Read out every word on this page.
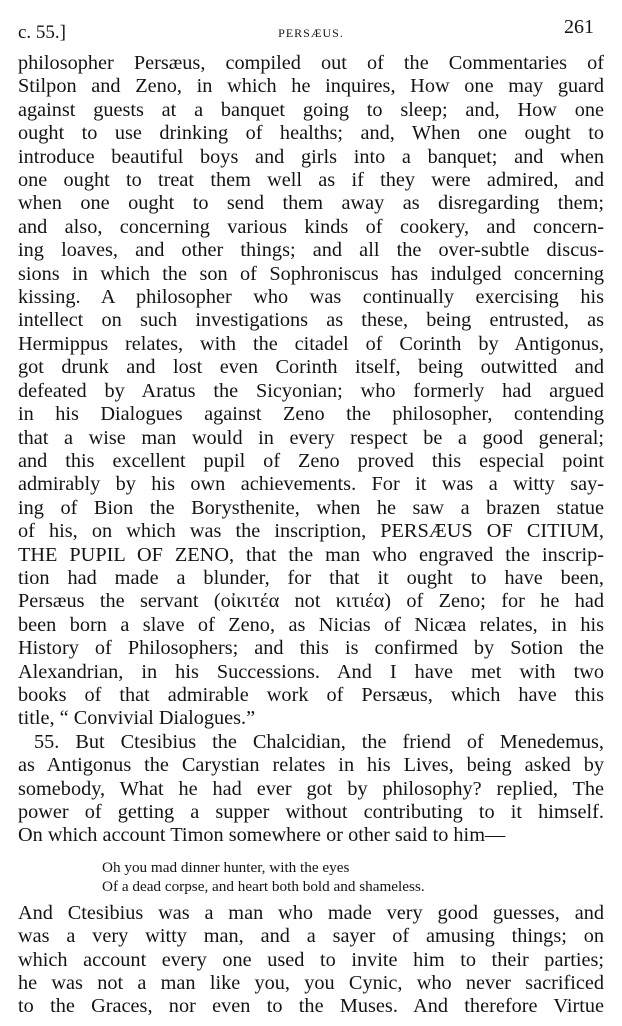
c. 55.]	PERSÆUS.	261
philosopher Persæus, compiled out of the Commentaries of
Stilpon and Zeno, in which he inquires, How one may guard
against guests at a banquet going to sleep; and, How one
ought to use drinking of healths; and, When one ought to
introduce beautiful boys and girls into a banquet; and when
one ought to treat them well as if they were admired, and
when one ought to send them away as disregarding them;
and also, concerning various kinds of cookery, and concern-
ing loaves, and other things; and all the over-subtle discus-
sions in which the son of Sophroniscus has indulged concerning
kissing. A philosopher who was continually exercising his
intellect on such investigations as these, being entrusted, as
Hermippus relates, with the citadel of Corinth by Antigonus,
got drunk and lost even Corinth itself, being outwitted and
defeated by Aratus the Sicyonian; who formerly had argued
in his Dialogues against Zeno the philosopher, contending
that a wise man would in every respect be a good general;
and this excellent pupil of Zeno proved this especial point
admirably by his own achievements. For it was a witty say-
ing of Bion the Borysthenite, when he saw a brazen statue
of his, on which was the inscription, PERSÆUS OF CITIUM,
THE PUPIL OF ZENO, that the man who engraved the inscrip-
tion had made a blunder, for that it ought to have been,
Persæus the servant (οἰκιτέα not κιτιέα) of Zeno; for he had
been born a slave of Zeno, as Nicias of Nicæa relates, in his
History of Philosophers; and this is confirmed by Sotion the
Alexandrian, in his Successions. And I have met with two
books of that admirable work of Persæus, which have this
title, “ Convivial Dialogues.”
55. But Ctesibius the Chalcidian, the friend of Menedemus,
as Antigonus the Carystian relates in his Lives, being asked by
somebody, What he had ever got by philosophy? replied, The
power of getting a supper without contributing to it himself.
On which account Timon somewhere or other said to him—
Oh you mad dinner hunter, with the eyes
Of a dead corpse, and heart both bold and shameless.
And Ctesibius was a man who made very good guesses, and
was a very witty man, and a sayer of amusing things; on
which account every one used to invite him to their parties;
he was not a man like you, you Cynic, who never sacrificed
to the Graces, nor even to the Muses. And therefore Virtue
